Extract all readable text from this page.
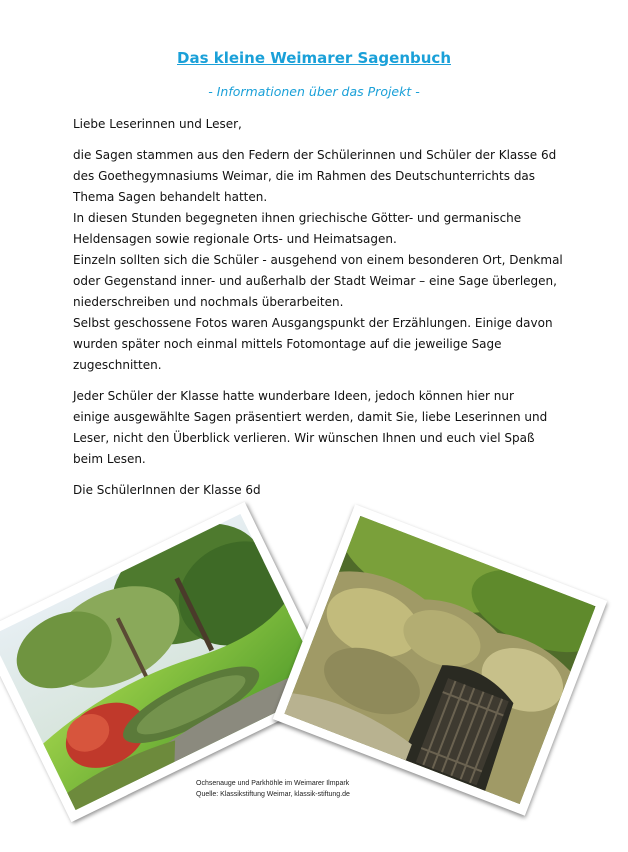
Das kleine Weimarer Sagenbuch
- Informationen über das Projekt -

Liebe Leserinnen und Leser,

die Sagen stammen aus den Federn der Schülerinnen und Schüler der Klasse 6d
des Goethegymnasiums Weimar, die im Rahmen des Deutschunterrichts das
Thema Sagen behandelt hatten.
In diesen Stunden begegneten ihnen griechische Götter- und germanische
Heldensagen sowie regionale Orts- und Heimatsagen.
Einzeln sollten sich die Schüler - ausgehend von einem besonderen Ort, Denkmal
oder Gegenstand inner- und außerhalb der Stadt Weimar – eine Sage überlegen,
niederschreiben und nochmals überarbeiten.
Selbst geschossene Fotos waren Ausgangspunkt der Erzählungen. Einige davon
wurden später noch einmal mittels Fotomontage auf die jeweilige Sage
zugeschnitten.

Jeder Schüler der Klasse hatte wunderbare Ideen, jedoch können hier nur
einige ausgewählte Sagen präsentiert werden, damit Sie, liebe Leserinnen und
Leser, nicht den Überblick verlieren. Wir wünschen Ihnen und euch viel Spaß
beim Lesen.

Die SchülerInnen der Klasse 6d

Ochsenauge und Parkhöhle im Weimarer Ilmpark
Quelle: Klassikstiftung Weimar, klassik-stiftung.de
